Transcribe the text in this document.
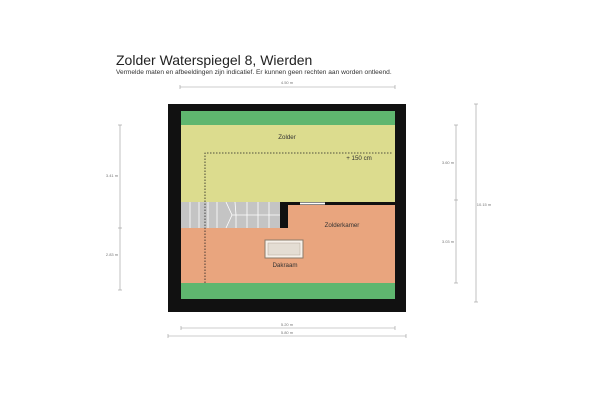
Zolder Waterspiegel 8, Wierden
Vermelde maten en afbeeldingen zijn indicatief. Er kunnen geen rechten aan worden ontleend.
4.50 m
Zolder
+ 150 cm
Zolderkamer
Dakraam
3.41 m
2.83 m
3.60 m
3.03 m
10.15 m
5.20 m
5.80 m
